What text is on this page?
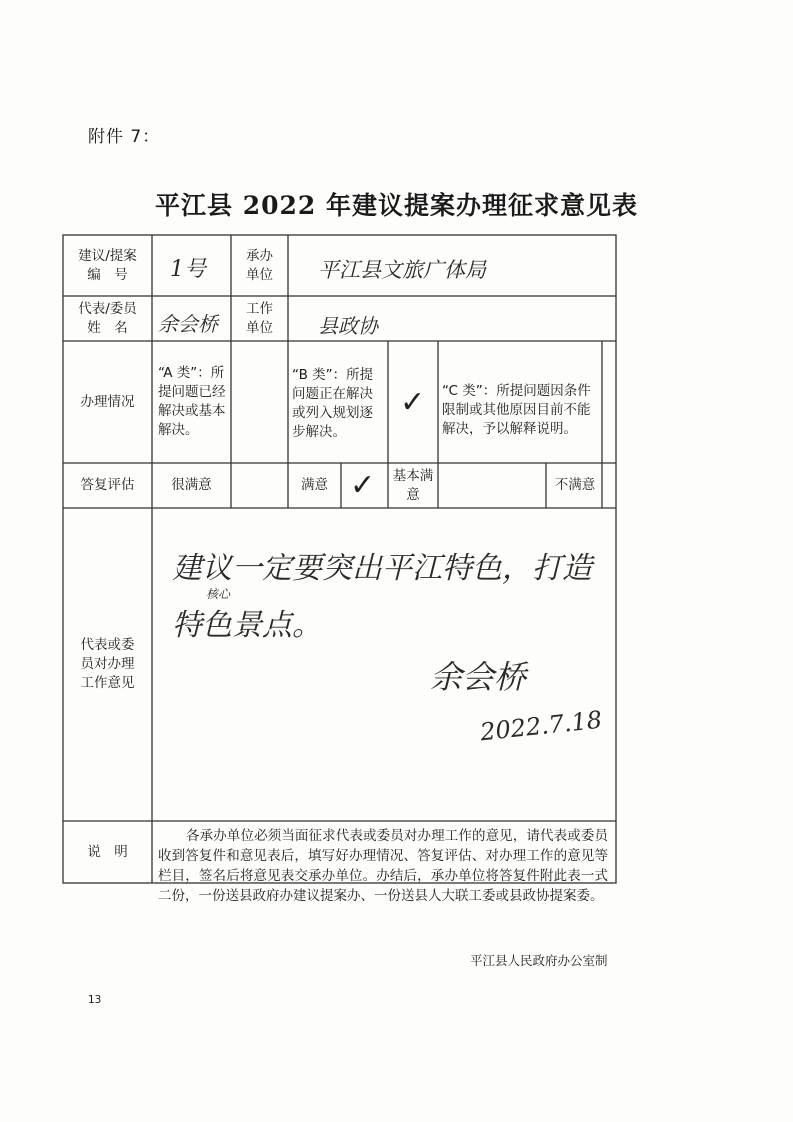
附件 7：
平江县 2022 年建议提案办理征求意见表
建议/提案
编　号 1号
承办
单位 平江县文旅广体局
代表/委员
姓　名 余会桥
工作
单位 县政协
办理情况
“A 类”：所提问题已经解决或基本解决。
“B 类”：所提问题正在解决或列入规划逐步解决。
✓ “C 类”：所提问题因条件限制或其他原因目前不能解决，予以解释说明。
答复评估	很满意	满意 ✓ 基本满意
不满意
代表或委员对办理工作意见
建议一定要突出平江特色，打造
核心
特色景点。
余会桥
2022.7.18
说　明
各承办单位必须当面征求代表或委员对办理工作的意见，请代表或委员收到答复件和意见表后，填写好办理情况、答复评估、对办理工作的意见等栏目，签名后将意见表交承办单位。办结后，承办单位将答复件附此表一式二份，一份送县政府办建议提案办、一份送县人大联工委或县政协提案委。
平江县人民政府办公室制
13
